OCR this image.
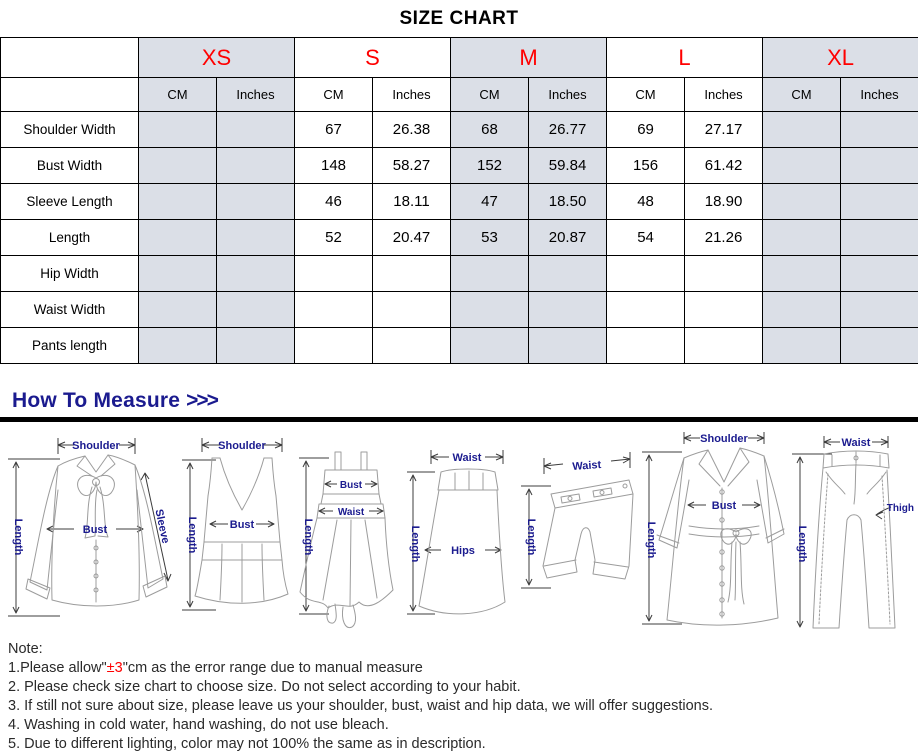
SIZE CHART
	XS		S		M		L		XL	
	CM	Inches	CM	Inches	CM	Inches	CM	Inches	CM	Inches
Shoulder Width			67	26.38	68	26.77	69	27.17		
Bust Width			148	58.27	152	59.84	156	61.42		
Sleeve Length			46	18.11	47	18.50	48	18.90		
Length			52	20.47	53	20.87	54	21.26		
Hip Width										
Waist Width										
Pants length										
How To Measure >>>
Shoulder
Length	Bust	Sleeve
Shoulder
Length	Bust
Bust
Waist
Length
Waist
Hips
Length
Waist
Length
Shoulder
Bust
Length
Waist
Length
Thigh
Note:
1.Please allow"±3"cm as the error range due to manual measure
2. Please check size chart to choose size. Do not select according to your habit.
3. If still not sure about size, please leave us your shoulder, bust, waist and hip data, we will offer suggestions.
4. Washing in cold water, hand washing, do not use bleach.
5. Due to different lighting, color may not 100% the same as in description.
